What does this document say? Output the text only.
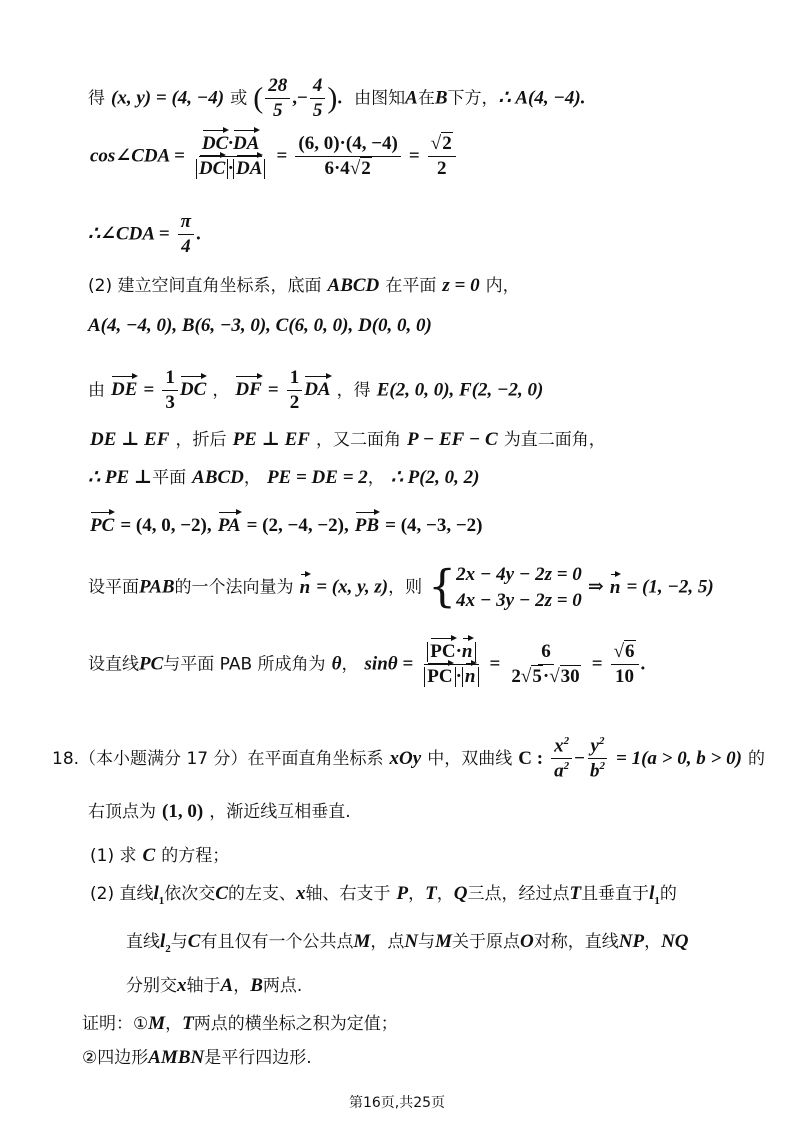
得 (x, y) = (4, −4) 或 ( $\frac{28}{5}$ ,− $\frac{4}{5}$ ). 由图知A在B下方，∴ A(4, −4).
cos∠CDA = $\frac{DC\cdot DA}{DC \cdot DA} = \frac{(6, 0)\cdot(4, -4)}{6\cdot 4√2} = \frac{√2}{2}$
∴∠CDA = $\frac{\pi}{4}$ .
(2) 建立空间直角坐标系，底面 ABCD 在平面 z = 0 内，
A(4, −4, 0), B(6, −3, 0), C(6, 0, 0), D(0, 0, 0)
由 DE = $\frac{1}{3}$ DC ， DF = $\frac{1}{2}$ DA ，得 E(2, 0, 0), F(2, −2, 0)
DE ⊥ EF ，折后 PE ⊥ EF ，又二面角 P − EF − C 为直二面角，
∴ PE ⊥平面 ABCD， PE = DE = 2， ∴ P(2, 0, 2)
PC = (4, 0, −2), PA = (2, −4, −2), PB = (4, −3, −2)
设平面PAB的一个法向量为 n = (x, y, z)，则 { 2x − 4y − 2z = 0
4x − 3y − 2z = 0
⇒ n = (1, −2, 5)
设直线PC与平面 PAB 所成角为 θ， $\sin\theta = \frac{PC\cdot n}{PC \cdot n} = \frac{6}{2√5\cdot√30} = \frac{√6}{10}$ .
18.（本小题满分 17 分）在平面直角坐标系 xOy 中，双曲线 C : $\frac{x^2}{a^2} - \frac{y^2}{b^2} = 1(a > 0$, b > 0) 的
右顶点为 (1, 0) ，渐近线互相垂直.
(1) 求 C 的方程；
(2) 直线$l_1$依次交C的左支、x轴、右支于 P，T，Q三点，经过点T且垂直于$l_1$的
直线$l_2$与C有且仅有一个公共点M，点N与M关于原点O对称，直线NP，NQ
分别交x轴于A，B两点.
证明：①M，T两点的横坐标之积为定值；
②四边形AMBN是平行四边形.
第16页,共25页
